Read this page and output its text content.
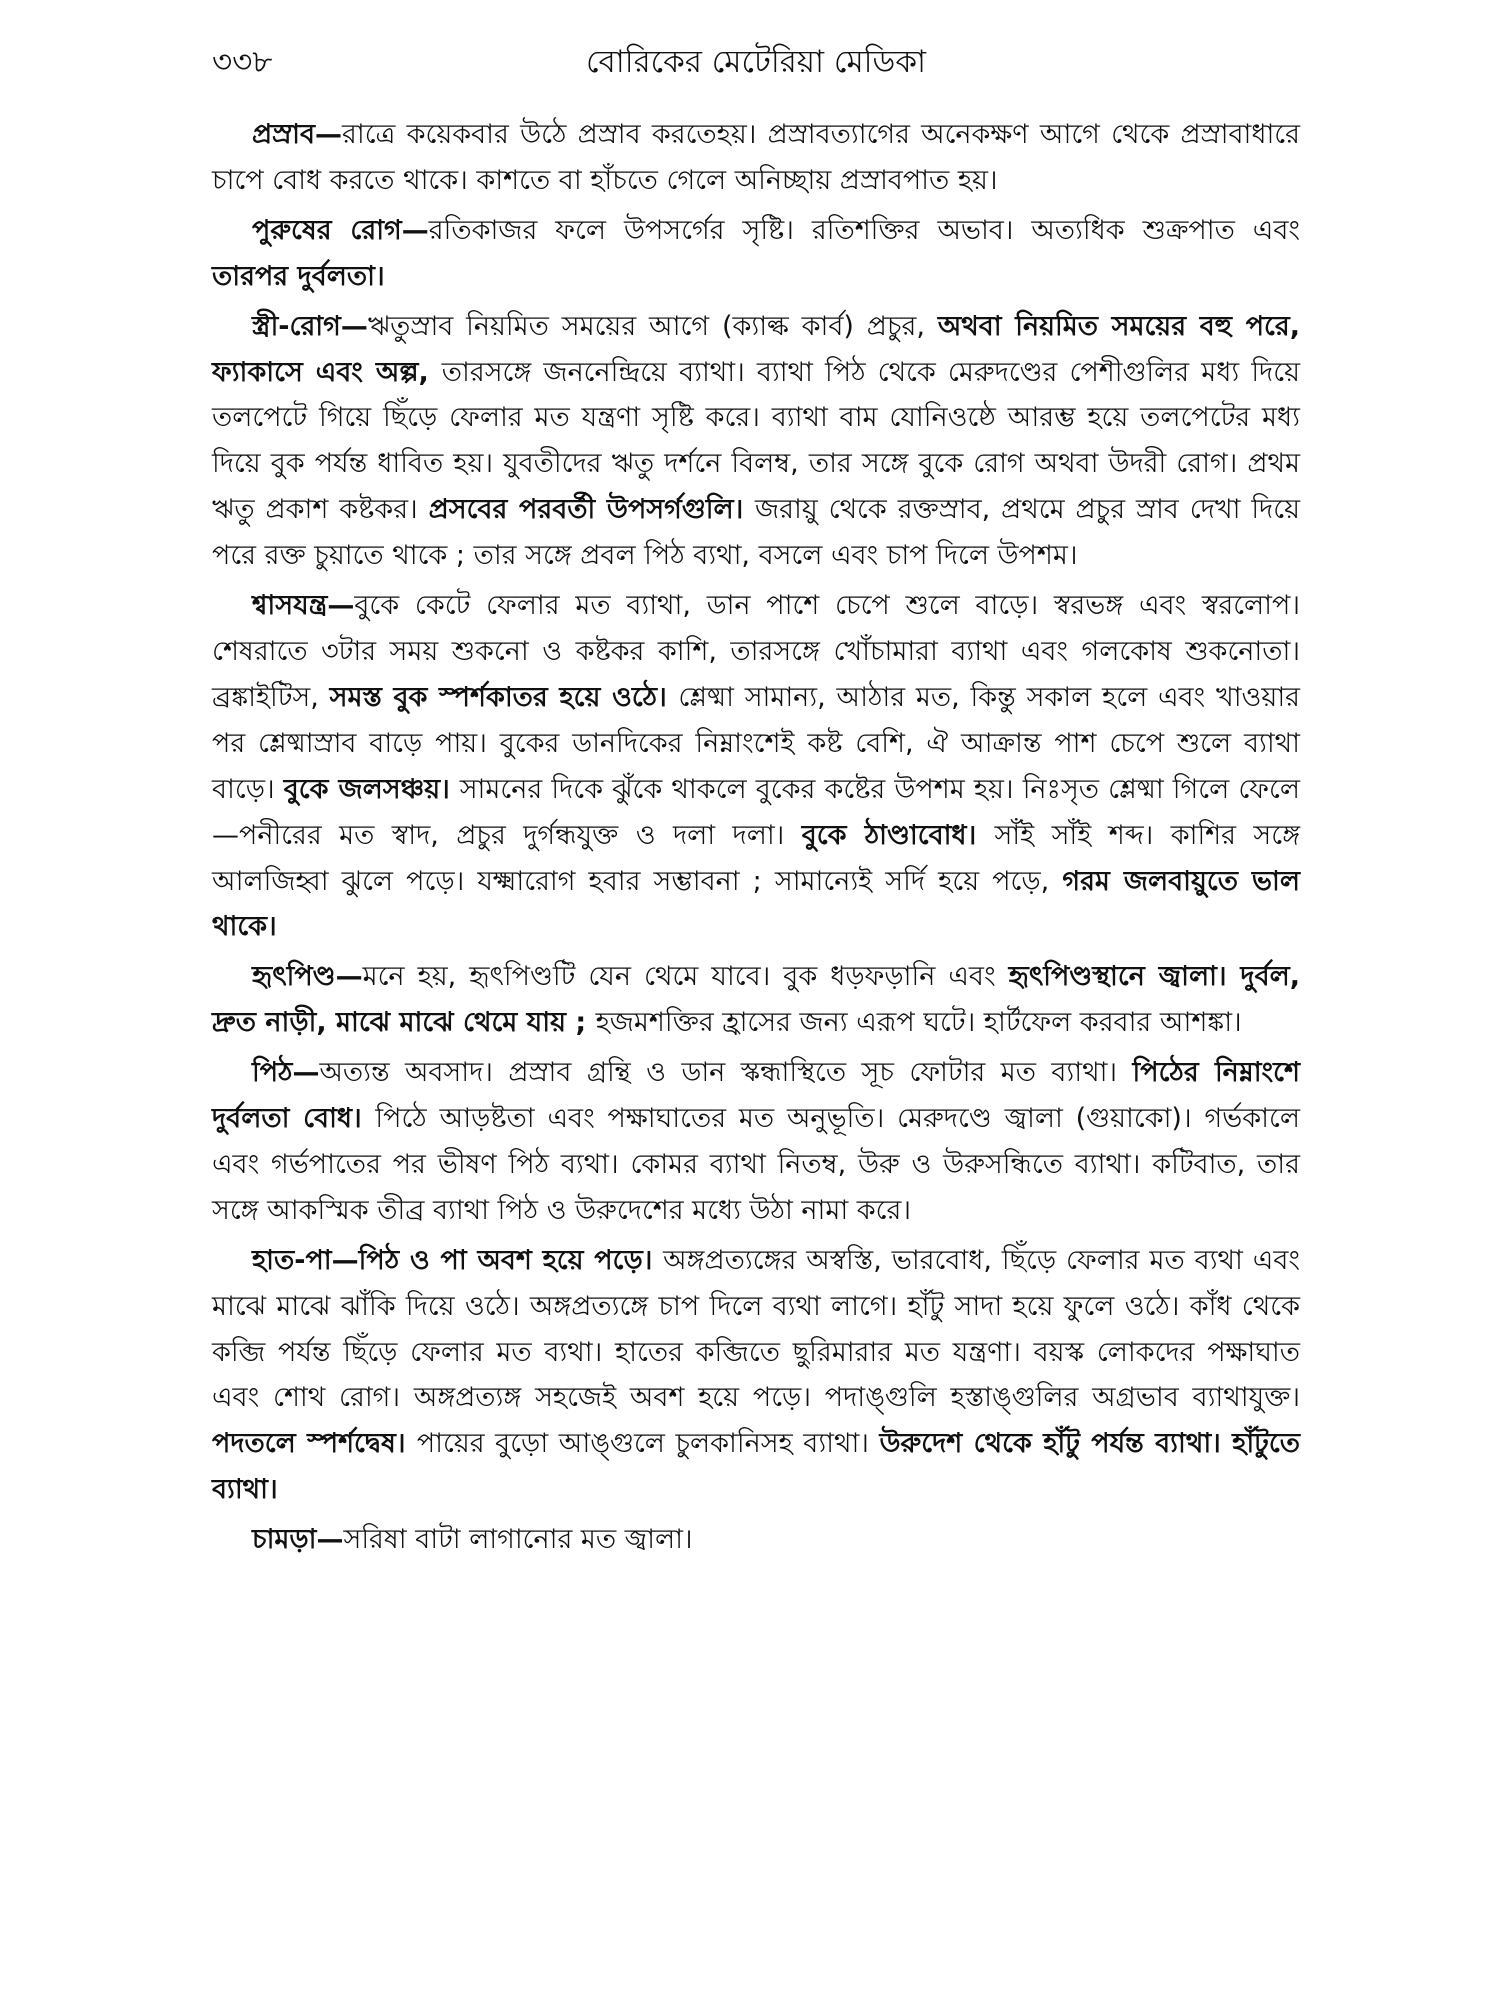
৩৩৮	বোরিকের মেটেরিয়া মেডিকা

প্রস্রাব—রাত্রে কয়েকবার উঠে প্রস্রাব করতেহয়। প্রস্রাবত্যাগের অনেকক্ষণ আগে থেকে প্রস্রাবাধারে চাপে বোধ করতে থাকে। কাশতে বা হাঁচতে গেলে অনিচ্ছায় প্রস্রাবপাত হয়।

পুরুষের রোগ—রতিকাজর ফলে উপসর্গের সৃষ্টি। রতিশক্তির অভাব। অত্যধিক শুক্রপাত এবং তারপর দুর্বলতা।

স্ত্রী-রোগ—ঋতুস্রাব নিয়মিত সময়ের আগে (ক্যাল্ক কার্ব) প্রচুর, অথবা নিয়মিত সময়ের বহু পরে, ফ্যাকাসে এবং অল্প, তারসঙ্গে জননেন্দ্রিয়ে ব্যাথা। ব্যাথা পিঠ থেকে মেরুদণ্ডের পেশীগুলির মধ্য দিয়ে তলপেটে গিয়ে ছিঁড়ে ফেলার মত যন্ত্রণা সৃষ্টি করে। ব্যাথা বাম যোনিওষ্ঠে আরম্ভ হয়ে তলপেটের মধ্য দিয়ে বুক পর্যন্ত ধাবিত হয়। যুবতীদের ঋতু দর্শনে বিলম্ব, তার সঙ্গে বুকে রোগ অথবা উদরী রোগ। প্রথম ঋতু প্রকাশ কষ্টকর। প্রসবের পরবর্তী উপসর্গগুলি। জরায়ু থেকে রক্তস্রাব, প্রথমে প্রচুর স্রাব দেখা দিয়ে পরে রক্ত চুয়াতে থাকে ; তার সঙ্গে প্রবল পিঠ ব্যথা, বসলে এবং চাপ দিলে উপশম।

শ্বাসযন্ত্র—বুকে কেটে ফেলার মত ব্যাথা, ডান পাশে চেপে শুলে বাড়ে। স্বরভঙ্গ এবং স্বরলোপ। শেষরাতে ৩টার সময় শুকনো ও কষ্টকর কাশি, তারসঙ্গে খোঁচামারা ব্যাথা এবং গলকোষ শুকনোতা। ব্রঙ্কাইটিস, সমস্ত বুক স্পর্শকাতর হয়ে ওঠে। শ্লেষ্মা সামান্য, আঠার মত, কিন্তু সকাল হলে এবং খাওয়ার পর শ্লেষ্মাস্রাব বাড়ে পায়। বুকের ডানদিকের নিম্নাংশেই কষ্ট বেশি, ঐ আক্রান্ত পাশ চেপে শুলে ব্যাথা বাড়ে। বুকে জলসঞ্চয়। সামনের দিকে ঝুঁকে থাকলে বুকের কষ্টের উপশম হয়। নিঃসৃত শ্লেষ্মা গিলে ফেলে—পনীরের মত স্বাদ, প্রচুর দুর্গন্ধযুক্ত ও দলা দলা। বুকে ঠাণ্ডাবোধ। সাঁই সাঁই শব্দ। কাশির সঙ্গে আলজিহ্বা ঝুলে পড়ে। যক্ষ্মারোগ হবার সম্ভাবনা ; সামান্যেই সর্দি হয়ে পড়ে, গরম জলবায়ুতে ভাল থাকে।

হৃৎপিণ্ড—মনে হয়, হৃৎপিণ্ডটি যেন থেমে যাবে। বুক ধড়ফড়ানি এবং হৃৎপিণ্ডস্থানে জ্বালা। দুর্বল, দ্রুত নাড়ী, মাঝে মাঝে থেমে যায় ; হজমশক্তির হ্রাসের জন্য এরূপ ঘটে। হার্টফেল করবার আশঙ্কা।

পিঠ—অত্যন্ত অবসাদ। প্রস্রাব গ্রন্থি ও ডান স্কন্ধাস্থিতে সূচ ফোটার মত ব্যাথা। পিঠের নিম্নাংশে দুর্বলতা বোধ। পিঠে আড়ষ্টতা এবং পক্ষাঘাতের মত অনুভূতি। মেরুদণ্ডে জ্বালা (গুয়াকো)। গর্ভকালে এবং গর্ভপাতের পর ভীষণ পিঠ ব্যথা। কোমর ব্যাথা নিতম্ব, উরু ও উরুসন্ধিতে ব্যাথা। কটিবাত, তার সঙ্গে আকস্মিক তীব্র ব্যাথা পিঠ ও উরুদেশের মধ্যে উঠা নামা করে।

হাত-পা—পিঠ ও পা অবশ হয়ে পড়ে। অঙ্গপ্রত্যঙ্গের অস্বস্তি, ভারবোধ, ছিঁড়ে ফেলার মত ব্যথা এবং মাঝে মাঝে ঝাঁকি দিয়ে ওঠে। অঙ্গপ্রত্যঙ্গে চাপ দিলে ব্যথা লাগে। হাঁটু সাদা হয়ে ফুলে ওঠে। কাঁধ থেকে কব্জি পর্যন্ত ছিঁড়ে ফেলার মত ব্যথা। হাতের কব্জিতে ছুরিমারার মত যন্ত্রণা। বয়স্ক লোকদের পক্ষাঘাত এবং শোথ রোগ। অঙ্গপ্রত্যঙ্গ সহজেই অবশ হয়ে পড়ে। পদাঙ্গুলি হস্তাঙ্গুলির অগ্রভাব ব্যাথাযুক্ত। পদতলে স্পর্শদ্বেষ। পায়ের বুড়ো আঙ্গুলে চুলকানিসহ ব্যাথা। উরুদেশ থেকে হাঁটু পর্যন্ত ব্যাথা। হাঁটুতে ব্যাথা।

চামড়া—সরিষা বাটা লাগানোর মত জ্বালা।
